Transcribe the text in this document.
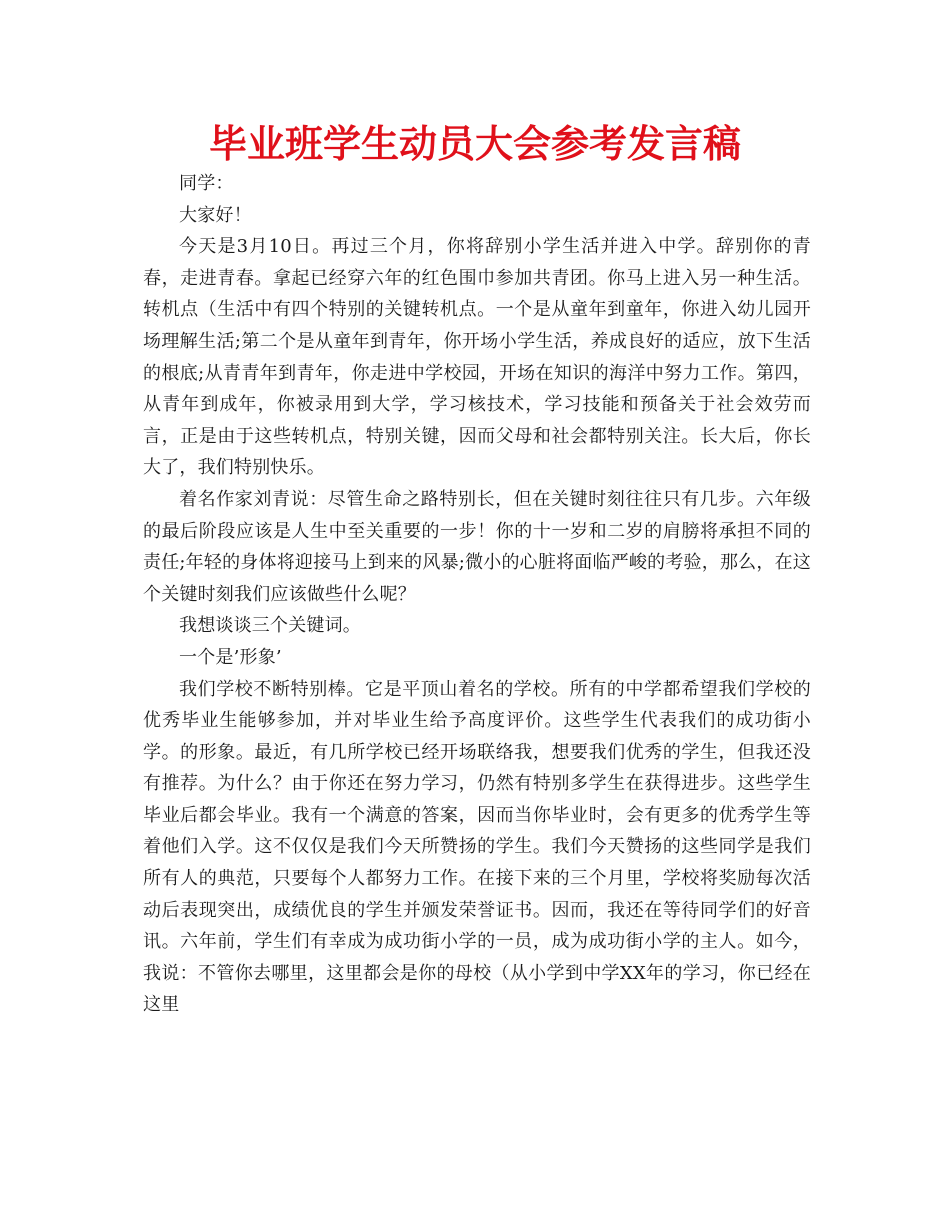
毕业班学生动员大会参考发言稿

同学：

大家好！

今天是3月10日。再过三个月，你将辞别小学生活并进入中学。辞别你的青春，走进青春。拿起已经穿六年的红色围巾参加共青团。你马上进入另一种生活。转机点（生活中有四个特别的关键转机点。一个是从童年到童年，你进入幼儿园开场理解生活;第二个是从童年到青年，你开场小学生活，养成良好的适应，放下生活的根底;从青青年到青年，你走进中学校园，开场在知识的海洋中努力工作。第四，从青年到成年，你被录用到大学，学习核技术，学习技能和预备关于社会效劳而言，正是由于这些转机点，特别关键，因而父母和社会都特别关注。长大后，你长大了，我们特别快乐。

着名作家刘青说：尽管生命之路特别长，但在关键时刻往往只有几步。六年级的最后阶段应该是人生中至关重要的一步！你的十一岁和二岁的肩膀将承担不同的责任;年轻的身体将迎接马上到来的风暴;微小的心脏将面临严峻的考验，那么，在这个关键时刻我们应该做些什么呢？

我想谈谈三个关键词。

一个是’形象’

我们学校不断特别棒。它是平顶山着名的学校。所有的中学都希望我们学校的优秀毕业生能够参加，并对毕业生给予高度评价。这些学生代表我们的成功街小学。的形象。最近，有几所学校已经开场联络我，想要我们优秀的学生，但我还没有推荐。为什么？由于你还在努力学习，仍然有特别多学生在获得进步。这些学生毕业后都会毕业。我有一个满意的答案，因而当你毕业时，会有更多的优秀学生等着他们入学。这不仅仅是我们今天所赞扬的学生。我们今天赞扬的这些同学是我们所有人的典范，只要每个人都努力工作。在接下来的三个月里，学校将奖励每次活动后表现突出，成绩优良的学生并颁发荣誉证书。因而，我还在等待同学们的好音讯。六年前，学生们有幸成为成功街小学的一员，成为成功街小学的主人。如今，我说：不管你去哪里，这里都会是你的母校（从小学到中学XX年的学习，你已经在这里
